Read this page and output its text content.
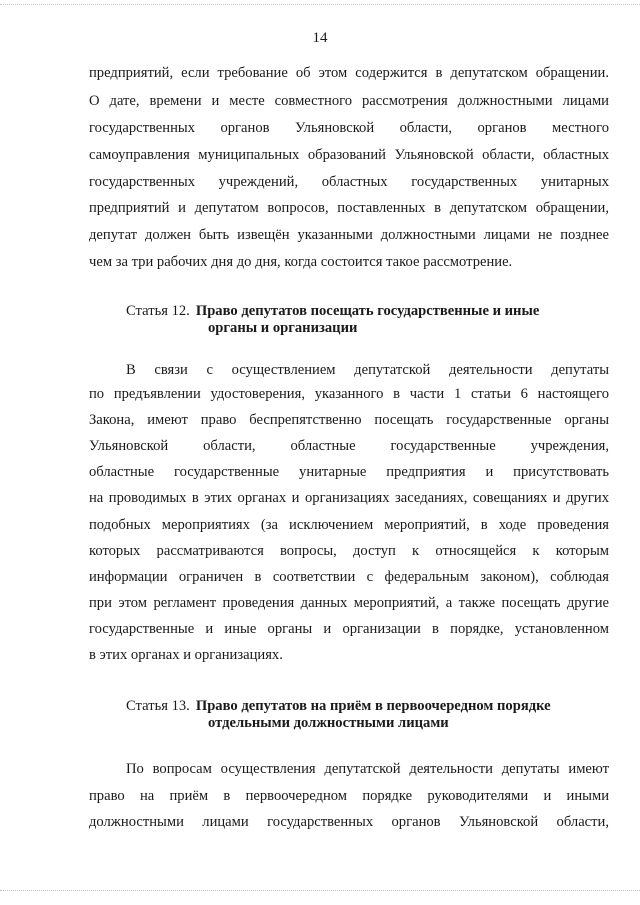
14
предприятий, если требование об этом содержится в депутатском обращении.
О дате, времени и месте совместного рассмотрения должностными лицами
государственных органов Ульяновской области, органов местного
самоуправления муниципальных образований Ульяновской области, областных
государственных учреждений, областных государственных унитарных
предприятий и депутатом вопросов, поставленных в депутатском обращении,
депутат должен быть извещён указанными должностными лицами не позднее
чем за три рабочих дня до дня, когда состоится такое рассмотрение.
Статья 12. Право депутатов посещать государственные и иные
органы и организации
В связи с осуществлением депутатской деятельности депутаты
по предъявлении удостоверения, указанного в части 1 статьи 6 настоящего
Закона, имеют право беспрепятственно посещать государственные органы
Ульяновской области, областные государственные учреждения,
областные государственные унитарные предприятия и присутствовать
на проводимых в этих органах и организациях заседаниях, совещаниях и других
подобных мероприятиях (за исключением мероприятий, в ходе проведения
которых рассматриваются вопросы, доступ к относящейся к которым
информации ограничен в соответствии с федеральным законом), соблюдая
при этом регламент проведения данных мероприятий, а также посещать другие
государственные и иные органы и организации в порядке, установленном
в этих органах и организациях.
Статья 13. Право депутатов на приём в первоочередном порядке
отдельными должностными лицами
По вопросам осуществления депутатской деятельности депутаты имеют
право на приём в первоочередном порядке руководителями и иными
должностными лицами государственных органов Ульяновской области,
